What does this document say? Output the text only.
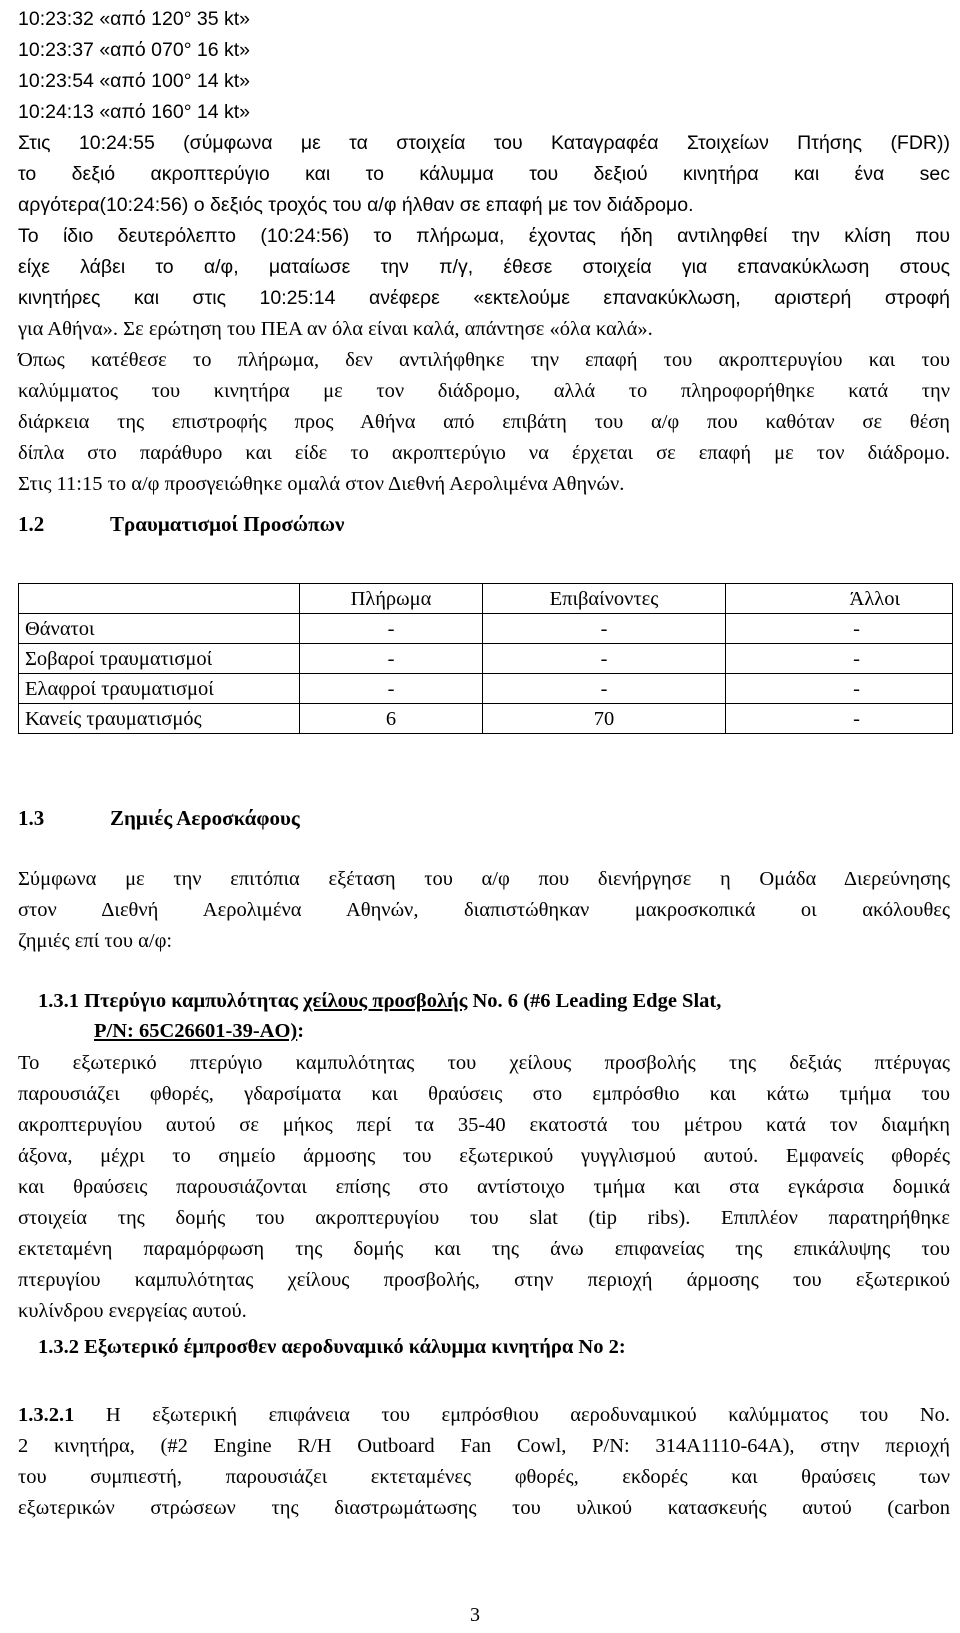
10:23:32 «από 120° 35 kt»
10:23:37 «από 070° 16 kt»
10:23:54 «από 100° 14 kt»
10:24:13 «από 160° 14 kt»
Στις 10:24:55 (σύμφωνα με τα στοιχεία του Καταγραφέα Στοιχείων Πτήσης (FDR))
το δεξιό ακροπτερύγιο και το κάλυμμα του δεξιού κινητήρα και ένα sec
αργότερα(10:24:56) ο δεξιός τροχός του α/φ ήλθαν σε επαφή με τον διάδρομο.
Το ίδιο δευτερόλεπτο (10:24:56) το πλήρωμα, έχοντας ήδη αντιληφθεί την κλίση που
είχε λάβει το α/φ, ματαίωσε την π/γ, έθεσε στοιχεία για επανακύκλωση στους
κινητήρες και στις 10:25:14 ανέφερε «εκτελούμε επανακύκλωση, αριστερή στροφή
για Αθήνα». Σε ερώτηση του ΠΕΑ αν όλα είναι καλά, απάντησε «όλα καλά».
Όπως κατέθεσε το πλήρωμα, δεν αντιλήφθηκε την επαφή του ακροπτερυγίου και του
καλύμματος του κινητήρα με τον διάδρομο, αλλά το πληροφορήθηκε κατά την
διάρκεια της επιστροφής προς Αθήνα από επιβάτη του α/φ που καθόταν σε θέση
δίπλα στο παράθυρο και είδε το ακροπτερύγιο να έρχεται σε επαφή με τον διάδρομο.
Στις 11:15 το α/φ προσγειώθηκε ομαλά στον Διεθνή Αερολιμένα Αθηνών.
1.2	Τραυματισμοί Προσώπων
	Πλήρωμα	Επιβαίνοντες	Άλλοι
Θάνατοι	-	-	-
Σοβαροί τραυματισμοί	-	-	-
Ελαφροί τραυματισμοί	-	-	-
Κανείς τραυματισμός	6	70	-
1.3	Ζημιές Αεροσκάφους
Σύμφωνα με την επιτόπια εξέταση του α/φ που διενήργησε η Ομάδα Διερεύνησης
στον Διεθνή Αερολιμένα Αθηνών, διαπιστώθηκαν μακροσκοπικά οι ακόλουθες
ζημιές επί του α/φ:
1.3.1 Πτερύγιο καμπυλότητας χείλους προσβολής No. 6 (#6 Leading Edge Slat,
P/N: 65C26601-39-AO):
Το εξωτερικό πτερύγιο καμπυλότητας του χείλους προσβολής της δεξιάς πτέρυγας
παρουσιάζει φθορές, γδαρσίματα και θραύσεις στο εμπρόσθιο και κάτω τμήμα του
ακροπτερυγίου αυτού σε μήκος περί τα 35-40 εκατοστά του μέτρου κατά τον διαμήκη
άξονα, μέχρι το σημείο άρμοσης του εξωτερικού γυγγλισμού αυτού. Εμφανείς φθορές
και θραύσεις παρουσιάζονται επίσης στο αντίστοιχο τμήμα και στα εγκάρσια δομικά
στοιχεία της δομής του ακροπτερυγίου του slat (tip ribs). Επιπλέον παρατηρήθηκε
εκτεταμένη παραμόρφωση της δομής και της άνω επιφανείας της επικάλυψης του
πτερυγίου καμπυλότητας χείλους προσβολής, στην περιοχή άρμοσης του εξωτερικού
κυλίνδρου ενεργείας αυτού.
1.3.2 Εξωτερικό έμπροσθεν αεροδυναμικό κάλυμμα κινητήρα Νο 2:
1.3.2.1 Η εξωτερική επιφάνεια του εμπρόσθιου αεροδυναμικού καλύμματος του No.
2 κινητήρα, (#2 Engine R/H Outboard Fan Cowl, P/N: 314A1110-64A), στην περιοχή
του συμπιεστή, παρουσιάζει εκτεταμένες φθορές, εκδορές και θραύσεις των
εξωτερικών στρώσεων της διαστρωμάτωσης του υλικού κατασκευής αυτού (carbon
3
